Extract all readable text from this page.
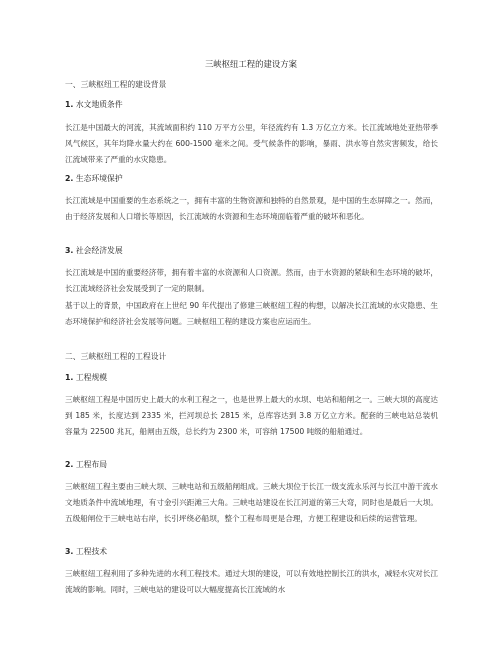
三峡枢纽工程的建设方案
一、三峡枢纽工程的建设背景
1. 水文地质条件

长江是中国最大的河流，其流域面积约 110 万平方公里，年径流约有 1.3 万亿立方米。长江流域地处亚热带季风气候区，其年均降水量大约在 600-1500 毫米之间。受气候条件的影响，暴雨、洪水等自然灾害频发，给长江流域带来了严重的水灾隐患。

2. 生态环境保护

长江流域是中国重要的生态系统之一，拥有丰富的生物资源和独特的自然景观，是中国的生态屏障之一。然而，由于经济发展和人口增长等原因，长江流域的水资源和生态环境面临着严重的破坏和恶化。

3. 社会经济发展

长江流域是中国的重要经济带，拥有着丰富的水资源和人口资源。然而，由于水资源的紧缺和生态环境的破坏，长江流域经济社会发展受到了一定的限制。

基于以上的背景，中国政府在上世纪 90 年代提出了修建三峡枢纽工程的构想，以解决长江流域的水灾隐患、生态环境保护和经济社会发展等问题。三峡枢纽工程的建设方案也应运而生。

二、三峡枢纽工程的工程设计
1. 工程规模

三峡枢纽工程是中国历史上最大的水利工程之一，也是世界上最大的水坝、电站和船闸之一。三峡大坝的高度达到 185 米，长度达到 2335 米，拦河坝总长 2815 米，总库容达到 3.8 万亿立方米。配套的三峡电站总装机容量为 22500 兆瓦，船闸由五级，总长约为 2300 米，可容纳 17500 吨级的船舶通过。

2. 工程布局

三峡枢纽工程主要由三峡大坝、三峡电站和五级船闸组成。三峡大坝位于长江一级支流永乐河与长江中游干流水文地质条件中流域地理，有寸金引兴距滩三大角。三峡电站建设在长江河道的第三大弯，同时也是最后一大坝。五级船闸位于三峡电站右岸，长引坪绕必船坝，整个工程布局更是合理，方便工程建设和后续的运营管理。

3. 工程技术

三峡枢纽工程利用了多种先进的水利工程技术。通过大坝的建设，可以有效地控制长江的洪水，减轻水灾对长江流域的影响。同时，三峡电站的建设可以大幅度提高长江流域的水
